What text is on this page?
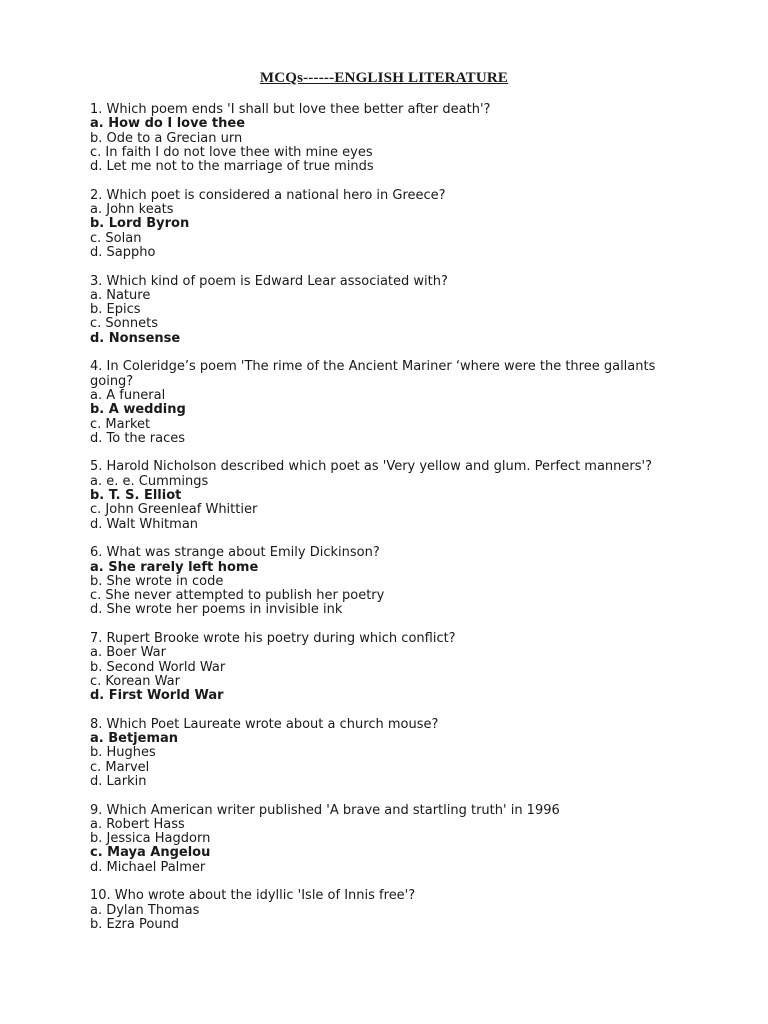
MCQs------ENGLISH LITERATURE
1. Which poem ends 'I shall but love thee better after death'?
a. How do I love thee
b. Ode to a Grecian urn
c. In faith I do not love thee with mine eyes
d. Let me not to the marriage of true minds
2. Which poet is considered a national hero in Greece?
a. John keats
b. Lord Byron
c. Solan
d. Sappho
3. Which kind of poem is Edward Lear associated with?
a. Nature
b. Epics
c. Sonnets
d. Nonsense
4. In Coleridge’s poem 'The rime of the Ancient Mariner ‘where were the three gallants going?
a. A funeral
b. A wedding
c. Market
d. To the races
5. Harold Nicholson described which poet as 'Very yellow and glum. Perfect manners'?
a. e. e. Cummings
b. T. S. Elliot
c. John Greenleaf Whittier
d. Walt Whitman
6. What was strange about Emily Dickinson?
a. She rarely left home
b. She wrote in code
c. She never attempted to publish her poetry
d. She wrote her poems in invisible ink
7. Rupert Brooke wrote his poetry during which conflict?
a. Boer War
b. Second World War
c. Korean War
d. First World War
8. Which Poet Laureate wrote about a church mouse?
a. Betjeman
b. Hughes
c. Marvel
d. Larkin
9. Which American writer published 'A brave and startling truth' in 1996
a. Robert Hass
b. Jessica Hagdorn
c. Maya Angelou
d. Michael Palmer
10. Who wrote about the idyllic 'Isle of Innis free'?
a. Dylan Thomas
b. Ezra Pound
